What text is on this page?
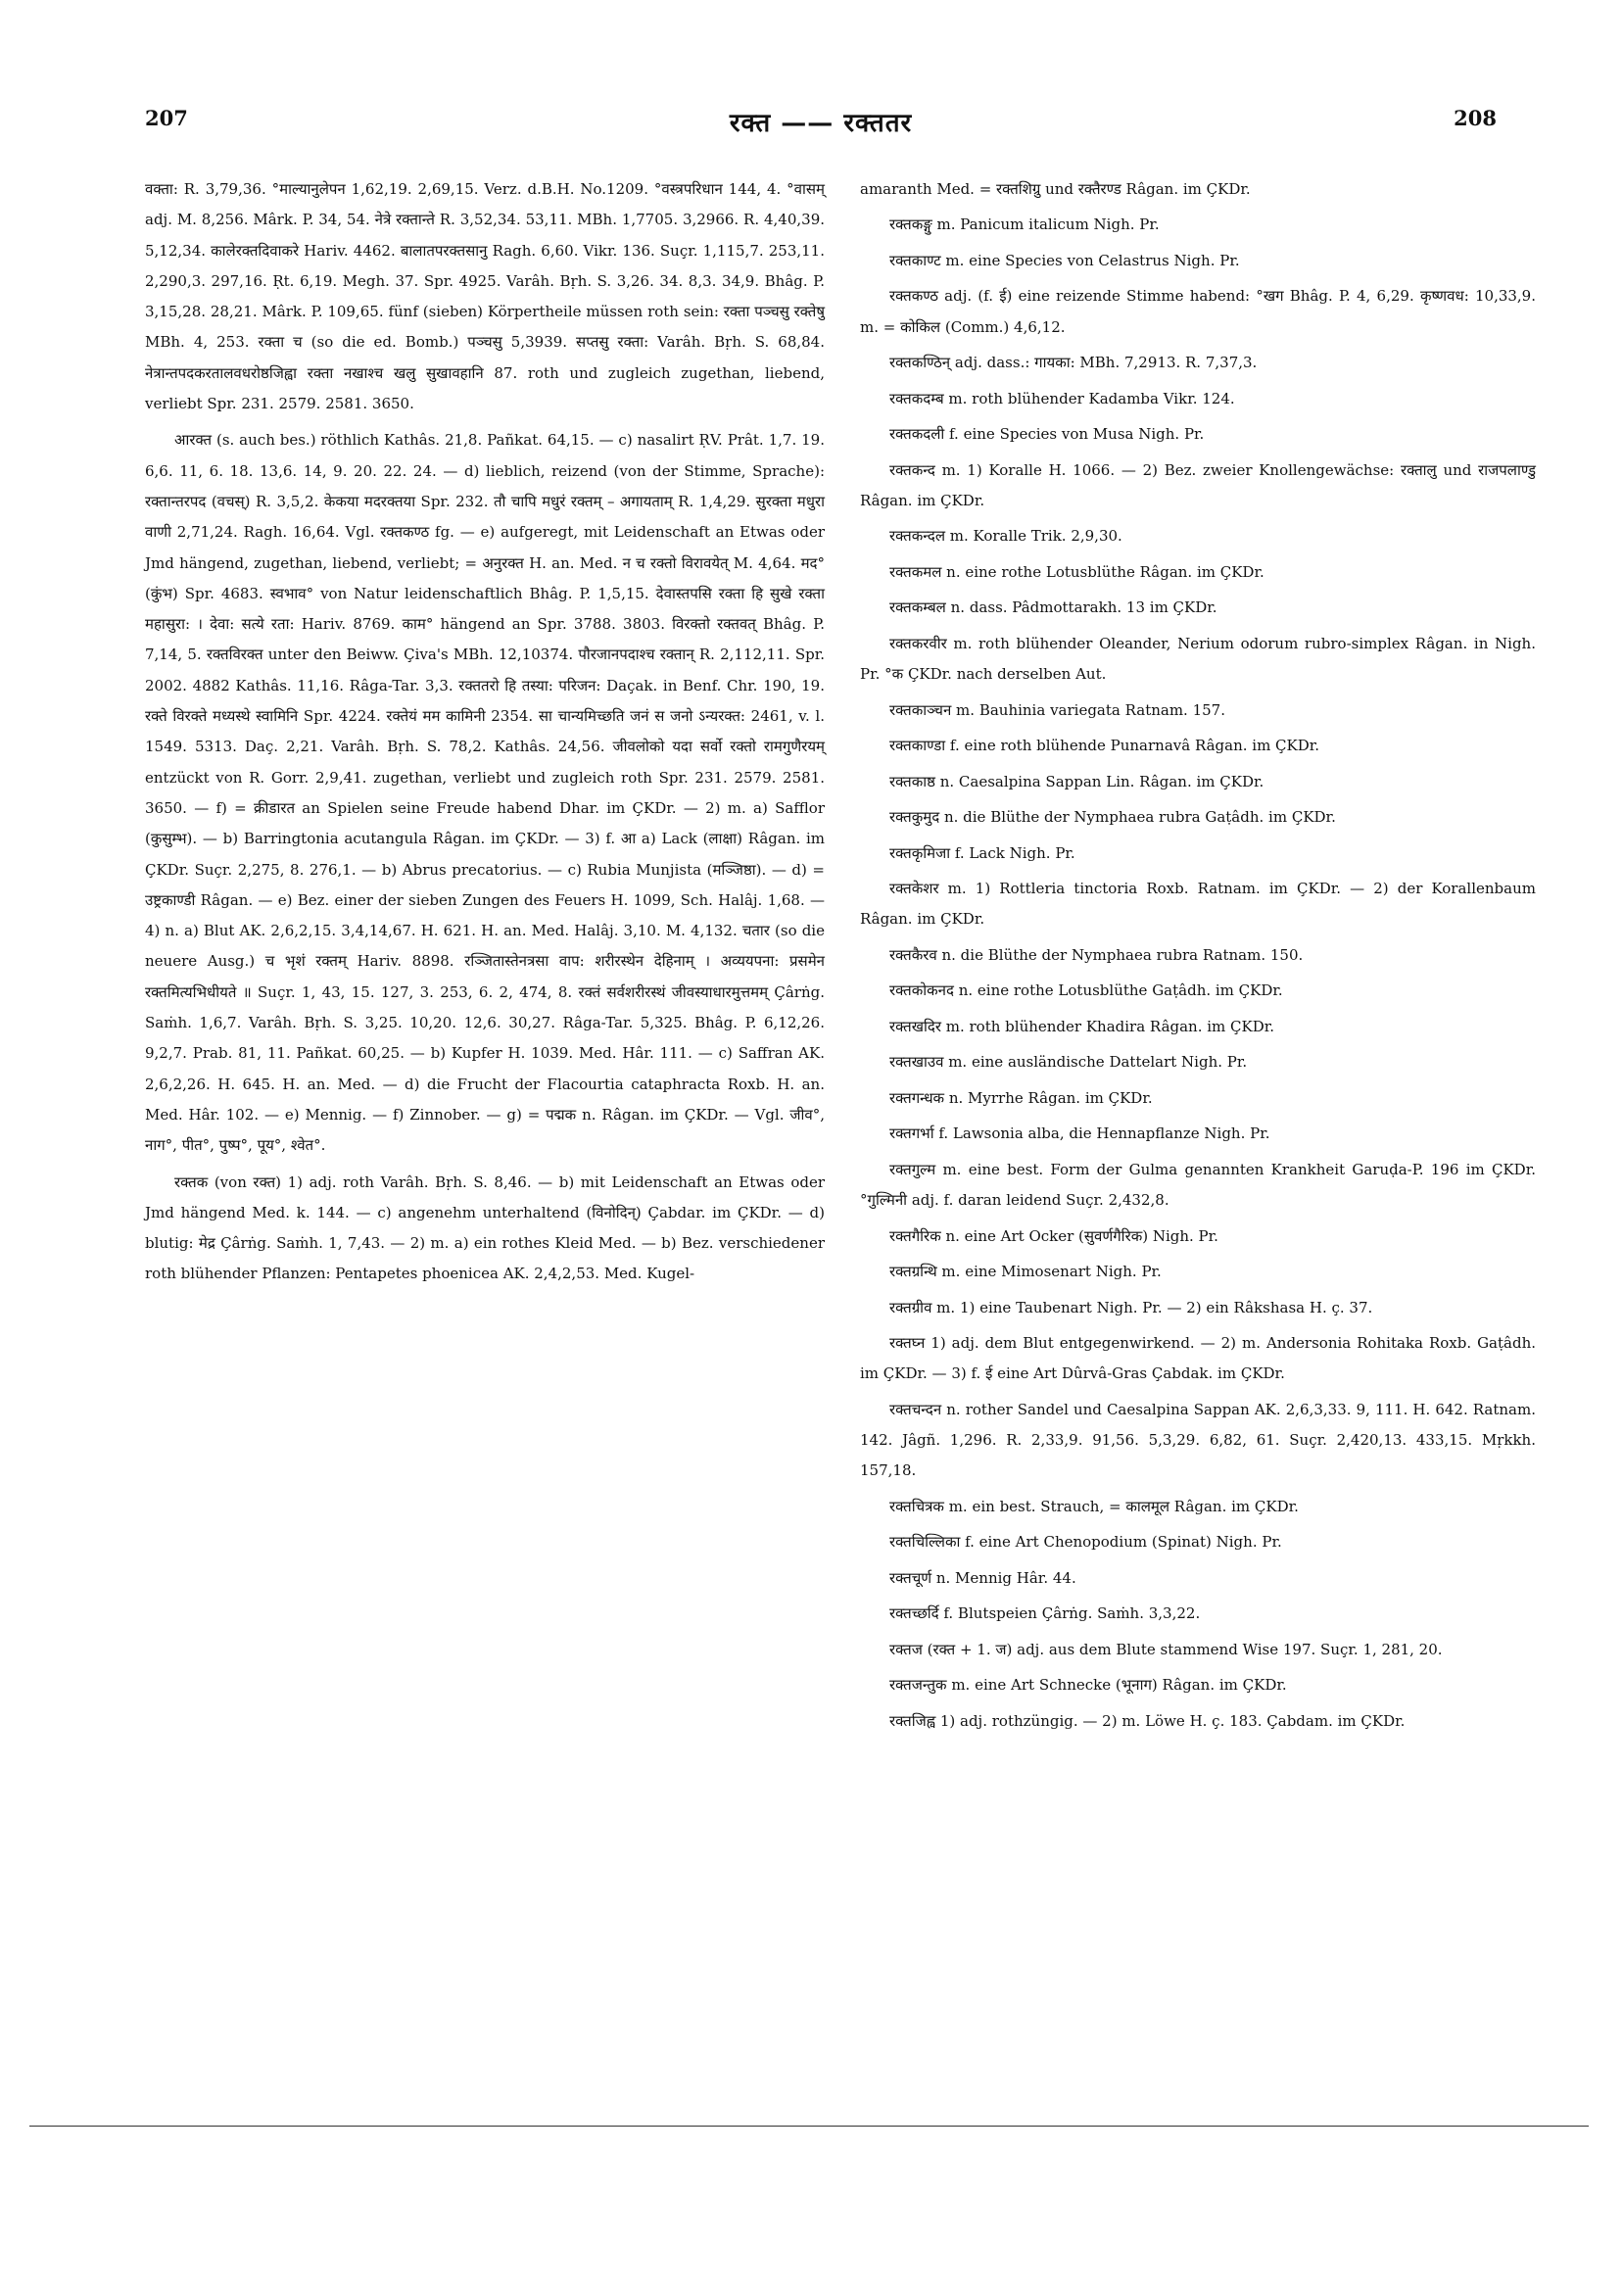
207	रक्त —— रक्ततर	208

वक्ता: R. 3,79,36. °माल्यानुलेपन 1,62,19. 2,69,15. Verz. d.B.H. No.1209. °वस्त्रपरिधान 144, 4. °वासम् adj. M. 8,256. Mârk. P. 34, 54. नेत्रे रक्तान्ते R. 3,52,34. 53,11. MBh. 1,7705. 3,2966. R. 4,40,39. 5,12,34. कालेरक्तदिवाकरे Hariv. 4462. बालातपरक्तसानु Ragh. 6,60. Vikr. 136. Suçr. 1,115,7. 253,11. 2,290,3. 297,16. Ṛt. 6,19. Megh. 37. Spr. 4925. Varâh. Bṛh. S. 3,26. 34. 8,3. 34,9. Bhâg. P. 3,15,28. 28,21. Mârk. P. 109,65. fünf (sieben) Körpertheile müssen roth sein: रक्ता पञ्चसु रक्तेषु MBh. 4, 253. रक्ता च (so die ed. Bomb.) पञ्चसु 5,3939. सप्तसु रक्ता: Varâh. Bṛh. S. 68,84. नेत्रान्तपदकरतालवधरोष्ठजिह्वा रक्ता नखाश्च खलु सुखावहानि 87. roth und zugleich zugethan, liebend, verliebt Spr. 231. 2579. 2581. 3650.

आरक्त (s. auch bes.) röthlich Kathâs. 21,8. Pañkat. 64,15. — c) nasalirt ṚV. Prât. 1,7. 19. 6,6. 11, 6. 18. 13,6. 14, 9. 20. 22. 24. — d) lieblich, reizend (von der Stimme, Sprache): रक्तान्तरपद (वचस्) R. 3,5,2. केकया मदरक्तया Spr. 232. तौ चापि मधुरं रक्तम् – अगायताम् R. 1,4,29. सुरक्ता मधुरा वाणी 2,71,24. Ragh. 16,64. Vgl. रक्तकण्ठ fg. — e) aufgeregt, mit Leidenschaft an Etwas oder Jmd hängend, zugethan, liebend, verliebt; = अनुरक्त H. an. Med. न च रक्तो विरावयेत् M. 4,64. मद° (कुंभ) Spr. 4683. स्वभाव° von Natur leidenschaftlich Bhâg. P. 1,5,15. देवास्तपसि रक्ता हि सुखे रक्ता महासुरा: । देवा: सत्ये रता: Hariv. 8769. काम° hängend an Spr. 3788. 3803. विरक्तो रक्तवत् Bhâg. P. 7,14, 5. रक्तविरक्त unter den Beiww. Çiva's MBh. 12,10374. पौरजानपदाश्च रक्तान् R. 2,112,11. Spr. 2002. 4882 Kathâs. 11,16. Râga-Tar. 3,3. रक्ततरो हि तस्या: परिजन: Daçak. in Benf. Chr. 190, 19. रक्ते विरक्ते मध्यस्थे स्वामिनि Spr. 4224. रक्तेयं मम कामिनी 2354. सा चान्यमिच्छति जनं स जनो ऽन्यरक्त: 2461, v. l. 1549. 5313. Daç. 2,21. Varâh. Bṛh. S. 78,2. Kathâs. 24,56. जीवलोको यदा सर्वो रक्तो रामगुणैरयम् entzückt von R. Gorr. 2,9,41. zugethan, verliebt und zugleich roth Spr. 231. 2579. 2581. 3650. — f) = क्रीडारत an Spielen seine Freude habend Dhar. im ÇKDr. — 2) m. a) Safflor (कुसुम्भ). — b) Barringtonia acutangula Râgan. im ÇKDr. — 3) f. आ a) Lack (लाक्षा) Râgan. im ÇKDr. Suçr. 2,275, 8. 276,1. — b) Abrus precatorius. — c) Rubia Munjista (मञ्जिष्ठा). — d) = उष्ट्रकाण्डी Râgan. — e) Bez. einer der sieben Zungen des Feuers H. 1099, Sch. Halâj. 1,68. — 4) n. a) Blut AK. 2,6,2,15. 3,4,14,67. H. 621. H. an. Med. Halâj. 3,10. M. 4,132. चतार (so die neuere Ausg.) च भृशं रक्तम् Hariv. 8898. रञ्जितास्तेनत्रसा वाप: शरीरस्थेन देहिनाम् । अव्ययपना: प्रसमेन रक्तमित्यभिधीयते ॥ Suçr. 1, 43, 15. 127, 3. 253, 6. 2, 474, 8. रक्तं सर्वशरीरस्थं जीवस्याधारमुत्तमम् Çârṅg. Saṁh. 1,6,7. Varâh. Bṛh. S. 3,25. 10,20. 12,6. 30,27. Râga-Tar. 5,325. Bhâg. P. 6,12,26. 9,2,7. Prab. 81, 11. Pañkat. 60,25. — b) Kupfer H. 1039. Med. Hâr. 111. — c) Saffran AK. 2,6,2,26. H. 645. H. an. Med. — d) die Frucht der Flacourtia cataphracta Roxb. H. an. Med. Hâr. 102. — e) Mennig. — f) Zinnober. — g) = पद्मक n. Râgan. im ÇKDr. — Vgl. जीव°, नाग°, पीत°, पुष्प°, पूय°, श्वेत°.

रक्तक (von रक्त) 1) adj. roth Varâh. Bṛh. S. 8,46. — b) mit Leidenschaft an Etwas oder Jmd hängend Med. k. 144. — c) angenehm unterhaltend (विनोदिन्) Çabdar. im ÇKDr. — d) blutig: मेद्र Çârṅg. Saṁh. 1, 7,43. — 2) m. a) ein rothes Kleid Med. — b) Bez. verschiedener roth blühender Pflanzen: Pentapetes phoenicea AK. 2,4,2,53. Med. Kugel-

amaranth Med. = रक्तशिग्रु und रक्तैरण्ड Râgan. im ÇKDr.

रक्तकङ्गु m. Panicum italicum Nigh. Pr.

रक्तकाण्ट m. eine Species von Celastrus Nigh. Pr.

रक्तकण्ठ adj. (f. ई) eine reizende Stimme habend: °खग Bhâg. P. 4, 6,29. कृष्णवध: 10,33,9. m. = कोकिल (Comm.) 4,6,12.

रक्तकण्ठिन् adj. dass.: गायका: MBh. 7,2913. R. 7,37,3.

रक्तकदम्ब m. roth blühender Kadamba Vikr. 124.

रक्तकदली f. eine Species von Musa Nigh. Pr.

रक्तकन्द m. 1) Koralle H. 1066. — 2) Bez. zweier Knollengewächse: रक्तालु und राजपलाण्डु Râgan. im ÇKDr.

रक्तकन्दल m. Koralle Trik. 2,9,30.

रक्तकमल n. eine rothe Lotusblüthe Râgan. im ÇKDr.

रक्तकम्बल n. dass. Pâdmottarakh. 13 im ÇKDr.

रक्तकरवीर m. roth blühender Oleander, Nerium odorum rubro-simplex Râgan. in Nigh. Pr. °क ÇKDr. nach derselben Aut.

रक्तकाञ्चन m. Bauhinia variegata Ratnam. 157.

रक्तकाण्डा f. eine roth blühende Punarnavâ Râgan. im ÇKDr.

रक्तकाष्ठ n. Caesalpina Sappan Lin. Râgan. im ÇKDr.

रक्तकुमुद n. die Blüthe der Nymphaea rubra Gaṭâdh. im ÇKDr.

रक्तकृमिजा f. Lack Nigh. Pr.

रक्तकेशर m. 1) Rottleria tinctoria Roxb. Ratnam. im ÇKDr. — 2) der Korallenbaum Râgan. im ÇKDr.

रक्तकैरव n. die Blüthe der Nymphaea rubra Ratnam. 150.

रक्तकोकनद n. eine rothe Lotusblüthe Gaṭâdh. im ÇKDr.

रक्तखदिर m. roth blühender Khadira Râgan. im ÇKDr.

रक्तखाउव m. eine ausländische Dattelart Nigh. Pr.

रक्तगन्धक n. Myrrhe Râgan. im ÇKDr.

रक्तगर्भा f. Lawsonia alba, die Hennapflanze Nigh. Pr.

रक्तगुल्म m. eine best. Form der Gulma genannten Krankheit Garuḍa-P. 196 im ÇKDr. °गुल्मिनी adj. f. daran leidend Suçr. 2,432,8.

रक्तगैरिक n. eine Art Ocker (सुवर्णगैरिक) Nigh. Pr.

रक्तग्रन्थि m. eine Mimosenart Nigh. Pr.

रक्तग्रीव m. 1) eine Taubenart Nigh. Pr. — 2) ein Râkshasa H. ç. 37.

रक्तघ्न 1) adj. dem Blut entgegenwirkend. — 2) m. Andersonia Rohitaka Roxb. Gaṭâdh. im ÇKDr. — 3) f. ई eine Art Dûrvâ-Gras Çabdak. im ÇKDr.

रक्तचन्दन n. rother Sandel und Caesalpina Sappan AK. 2,6,3,33. 9, 111. H. 642. Ratnam. 142. Jâgñ. 1,296. R. 2,33,9. 91,56. 5,3,29. 6,82, 61. Suçr. 2,420,13. 433,15. Mṛkkh. 157,18.

रक्तचित्रक m. ein best. Strauch, = कालमूल Râgan. im ÇKDr.

रक्तचिल्लिका f. eine Art Chenopodium (Spinat) Nigh. Pr.

रक्तचूर्ण n. Mennig Hâr. 44.

रक्तच्छर्दि f. Blutspeien Çârṅg. Saṁh. 3,3,22.

रक्तज (रक्त + 1. ज) adj. aus dem Blute stammend Wise 197. Suçr. 1, 281, 20.

रक्तजन्तुक m. eine Art Schnecke (भूनाग) Râgan. im ÇKDr.

रक्तजिह्व 1) adj. rothzüngig. — 2) m. Löwe H. ç. 183. Çabdam. im ÇKDr.
